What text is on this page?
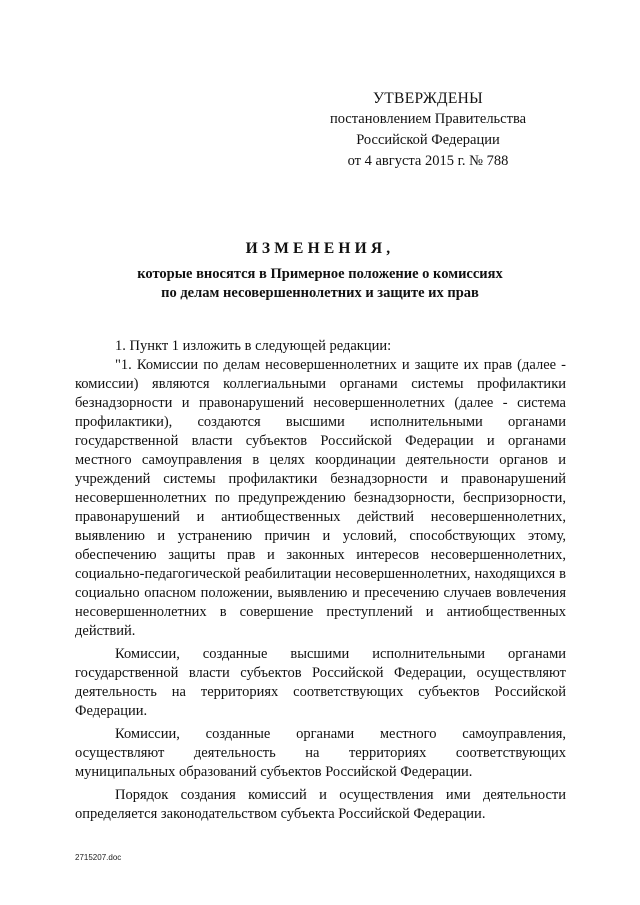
УТВЕРЖДЕНЫ
постановлением Правительства
Российской Федерации
от 4 августа 2015 г. № 788
ИЗМЕНЕНИЯ,
которые вносятся в Примерное положение о комиссиях
по делам несовершеннолетних и защите их прав

1. Пункт 1 изложить в следующей редакции:

"1. Комиссии по делам несовершеннолетних и защите их прав (далее - комиссии) являются коллегиальными органами системы профилактики безнадзорности и правонарушений несовершеннолетних (далее - система профилактики), создаются высшими исполнительными органами государственной власти субъектов Российской Федерации и органами местного самоуправления в целях координации деятельности органов и учреждений системы профилактики безнадзорности и правонарушений несовершеннолетних по предупреждению безнадзорности, беспризорности, правонарушений и антиобщественных действий несовершеннолетних, выявлению и устранению причин и условий, способствующих этому, обеспечению защиты прав и законных интересов несовершеннолетних, социально-педагогической реабилитации несовершеннолетних, находящихся в социально опасном положении, выявлению и пресечению случаев вовлечения несовершеннолетних в совершение преступлений и антиобщественных действий.

Комиссии, созданные высшими исполнительными органами государственной власти субъектов Российской Федерации, осуществляют деятельность на территориях соответствующих субъектов Российской Федерации.

Комиссии, созданные органами местного самоуправления, осуществляют деятельность на территориях соответствующих муниципальных образований субъектов Российской Федерации.

Порядок создания комиссий и осуществления ими деятельности определяется законодательством субъекта Российской Федерации.

2715207.doc
